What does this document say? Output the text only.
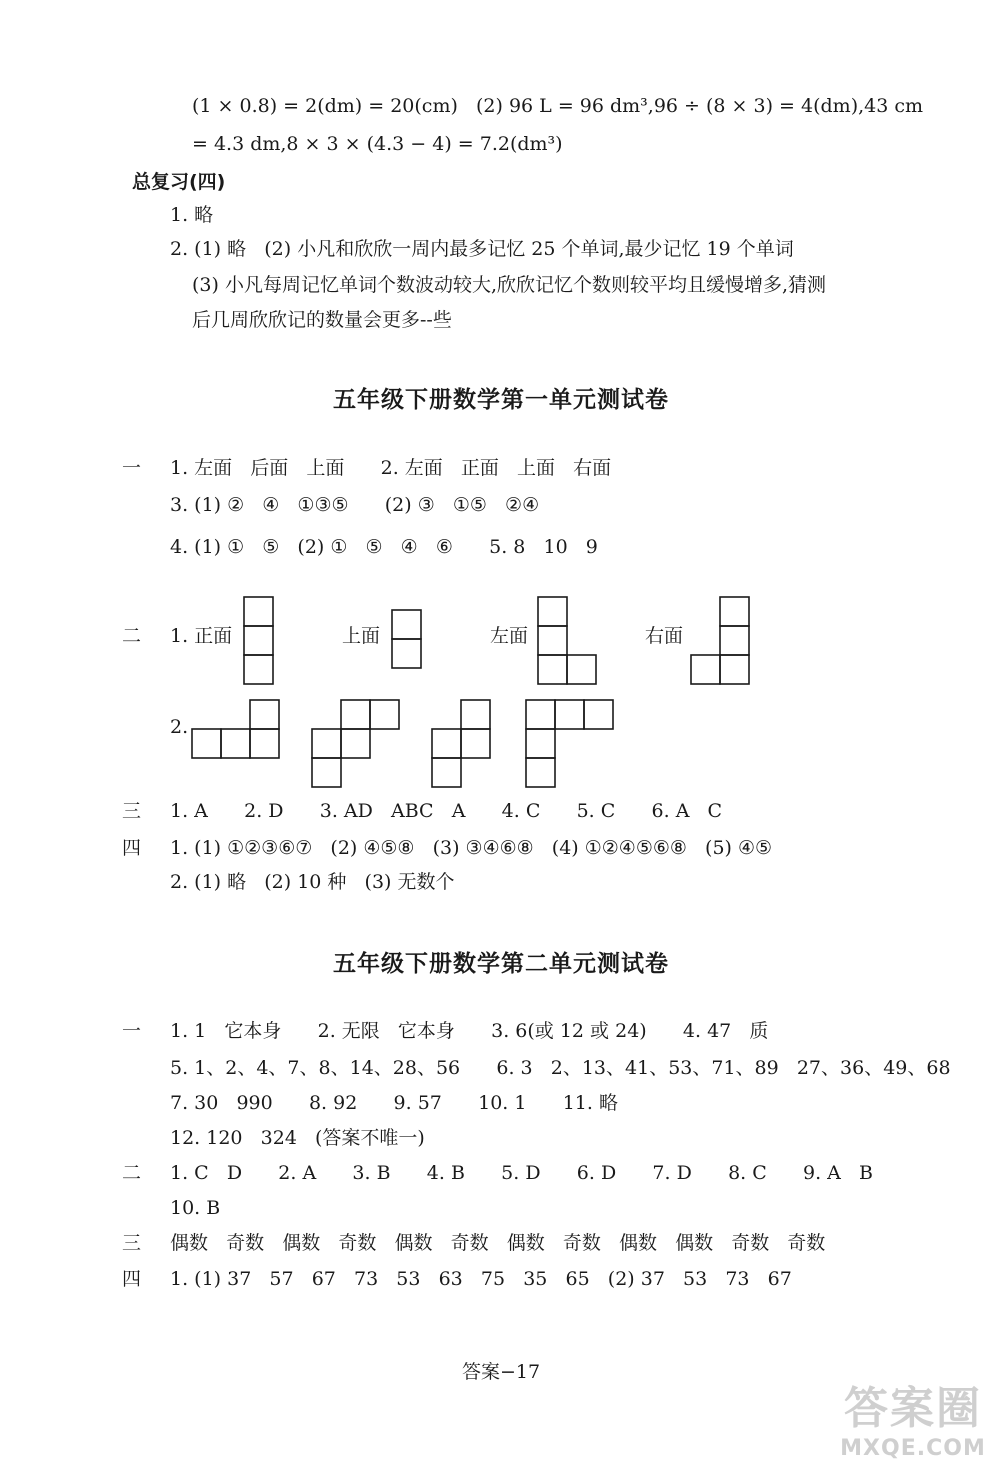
(1 × 0.8) = 2(dm) = 20(cm)   (2) 96 L = 96 dm³,96 ÷ (8 × 3) = 4(dm),43 cm
= 4.3 dm,8 × 3 × (4.3 − 4) = 7.2(dm³)
总复习(四)
1. 略
2. (1) 略   (2) 小凡和欣欣一周内最多记忆 25 个单词,最少记忆 19 个单词
(3) 小凡每周记忆单词个数波动较大,欣欣记忆个数则较平均且缓慢增多,猜测
后几周欣欣记的数量会更多--些
五年级下册数学第一单元测试卷
一 1. 左面   后面   上面      2. 左面   正面   上面   右面
3. (1) ②   ④   ①③⑤      (2) ③   ①⑤   ②④
4. (1) ①   ⑤   (2) ①   ⑤   ④   ⑥      5. 8   10   9
二 1. 正面	上面	左面	右面
2.
三 1. A      2. D      3. AD   ABC   A      4. C      5. C      6. A   C
四 1. (1) ①②③⑥⑦   (2) ④⑤⑧   (3) ③④⑥⑧   (4) ①②④⑤⑥⑧   (5) ④⑤
2. (1) 略   (2) 10 种   (3) 无数个
五年级下册数学第二单元测试卷
一 1. 1   它本身      2. 无限   它本身      3. 6(或 12 或 24)      4. 47   质
5. 1、2、4、7、8、14、28、56      6. 3   2、13、41、53、71、89   27、36、49、68
7. 30   990      8. 92      9. 57      10. 1      11. 略
12. 120   324   (答案不唯一)
二 1. C   D      2. A      3. B      4. B      5. D      6. D      7. D      8. C      9. A   B
10. B
三 偶数   奇数   偶数   奇数   偶数   奇数   偶数   奇数   偶数   偶数   奇数   奇数
四 1. (1) 37   57   67   73   53   63   75   35   65   (2) 37   53   73   67
答案−17
答案圈
MXQE.COM
